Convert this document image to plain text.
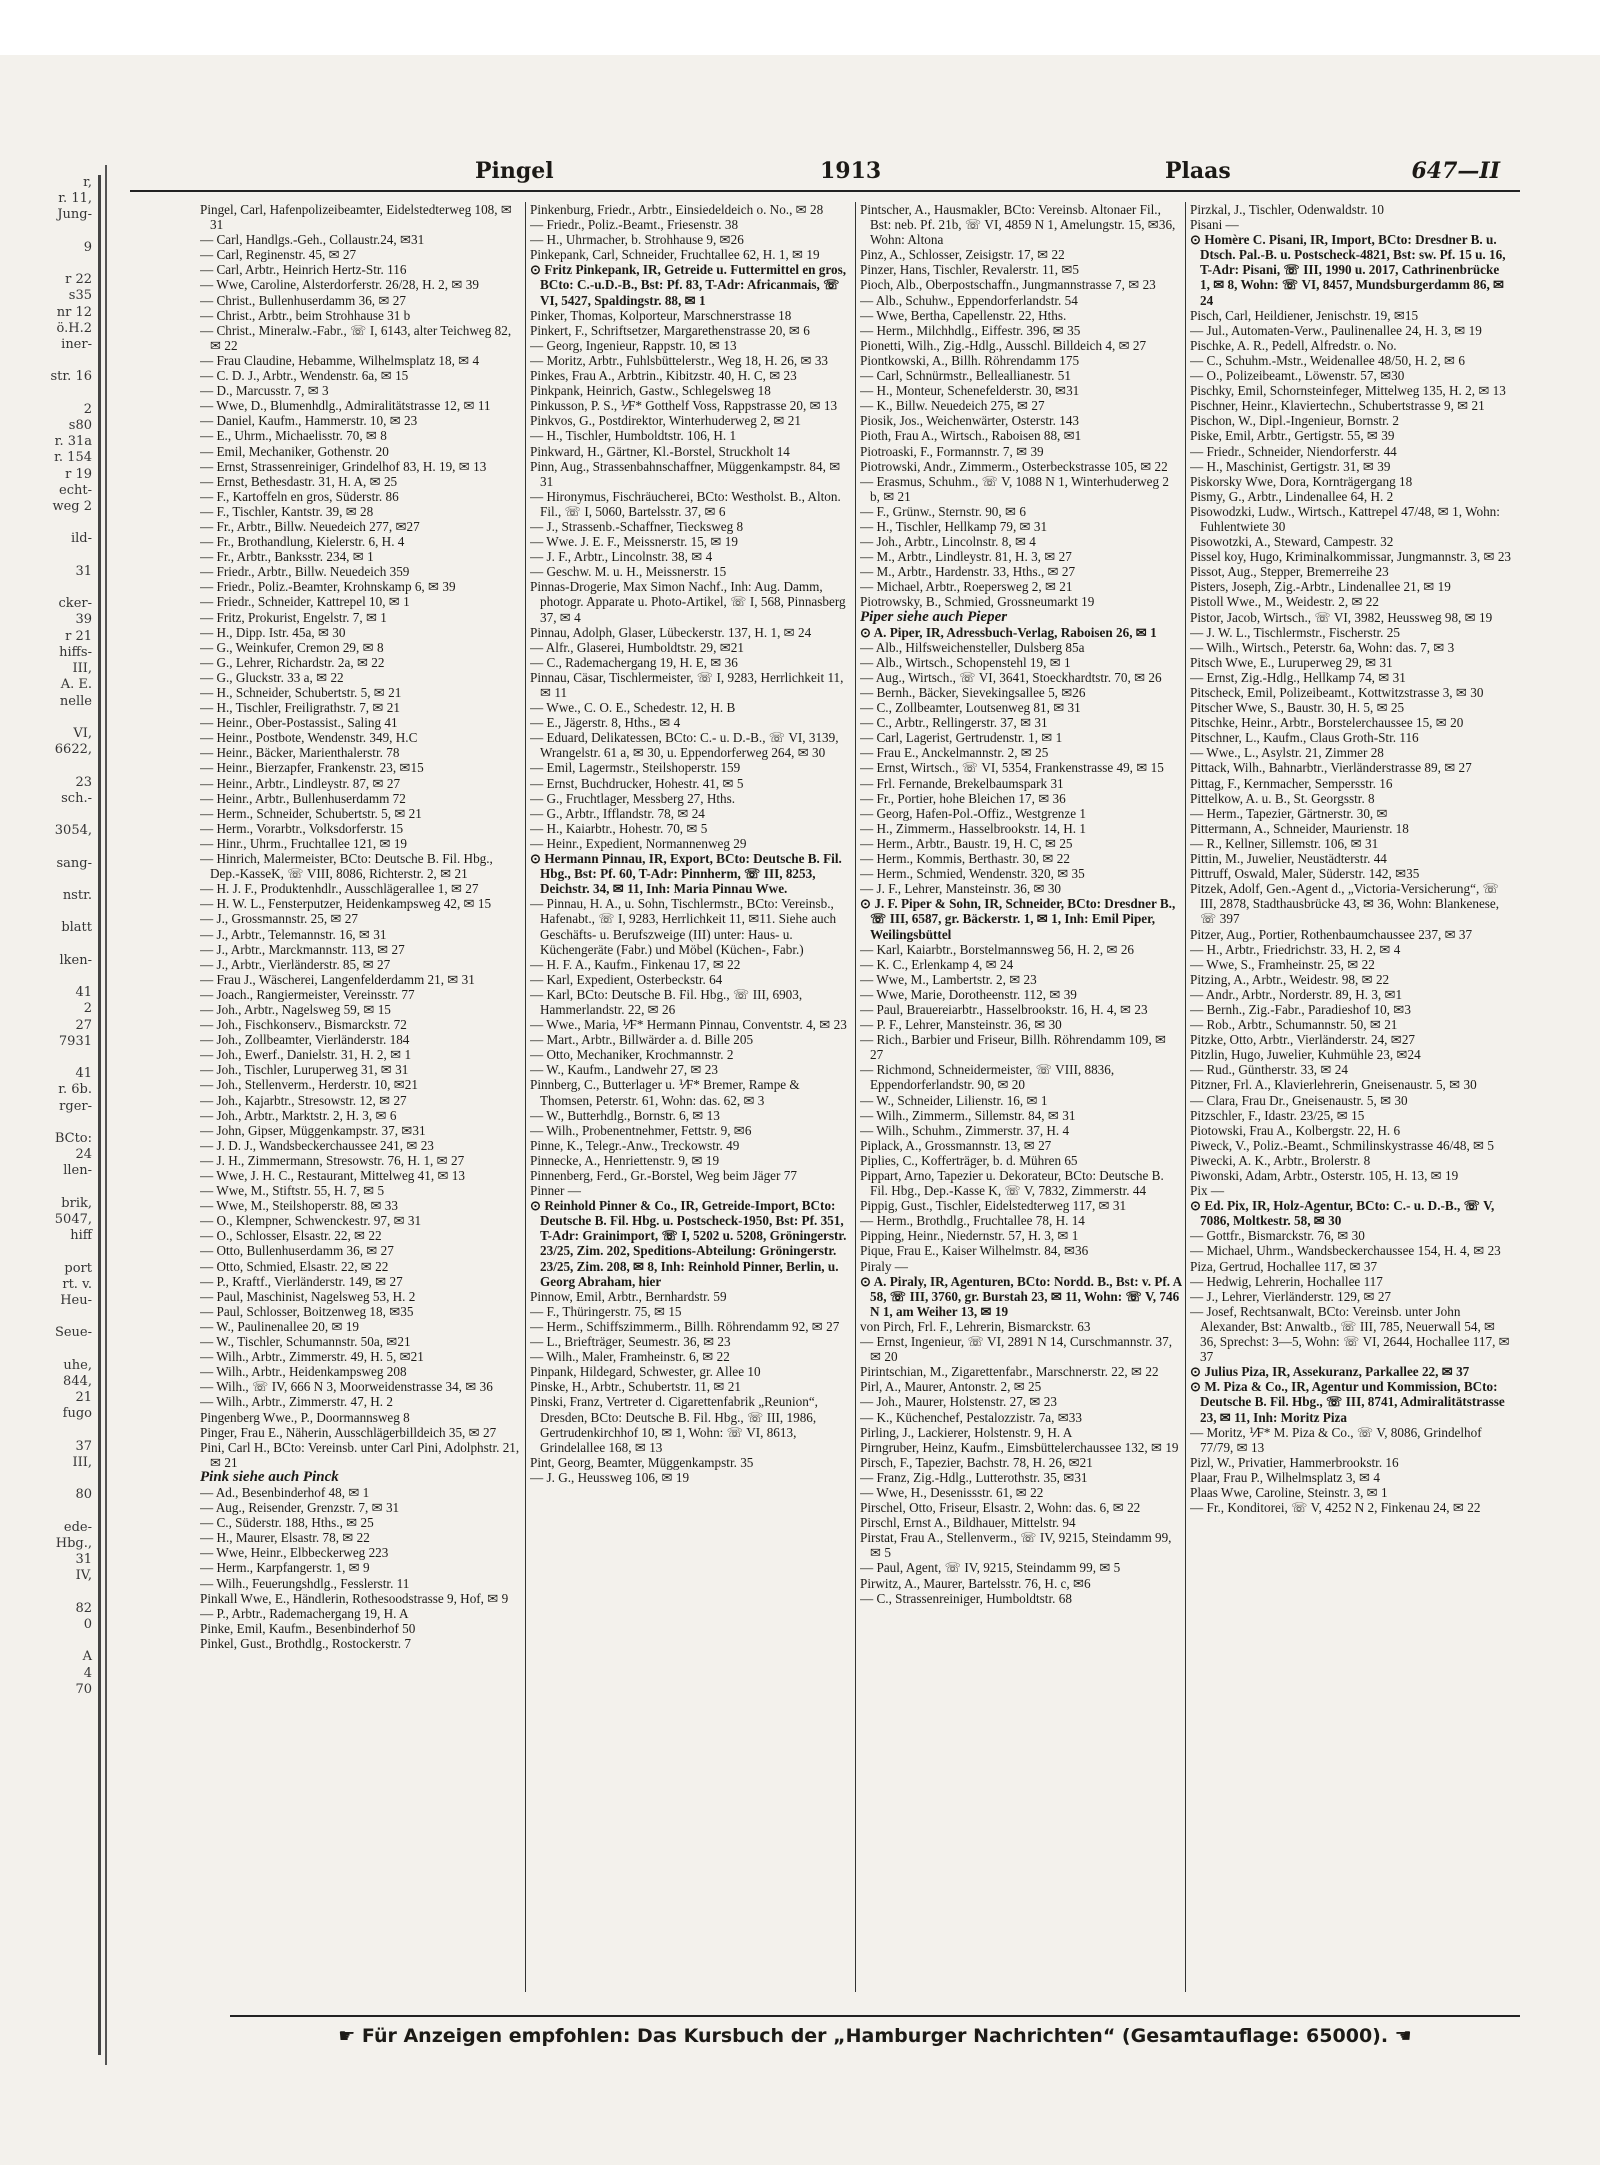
r,
r. 11,
Jung-

9

r 22
s35
nr 12
ö.H.2
iner-

str. 16

2
s80
r. 31a
r. 154
r 19
echt-
weg 2

ild-

31

cker-
39
r 21
hiffs-
III,
A. E.
nelle

VI,
6622,

23
sch.-

3054,

sang-

nstr.

blatt

lken-

41
2
27
7931

41
r. 6b.
rger-

BCto:
24
llen-

brik,
5047,
hiff

port
rt. v.
Heu-

Seue-

uhe,
844,
21
fugo

37
III,

80

ede-
Hbg.,
31
IV,

82
0

A
4
70
Pingel	1913	Plaas	647—II
Pingel, Carl, Hafenpolizeibeamter, Eidelstedterweg 108, ✉ 31
— Carl, Handlgs.-Geh., Collaustr.24, ✉31
— Carl, Reginenstr. 45, ✉ 27
— Carl, Arbtr., Heinrich Hertz-Str. 116
— Wwe, Caroline, Alsterdorferstr. 26/28, H. 2, ✉ 39
— Christ., Bullenhuserdamm 36, ✉ 27
— Christ., Arbtr., beim Strohhause 31 b
— Christ., Mineralw.-Fabr., ☏ I, 6143, alter Teichweg 82, ✉ 22
— Frau Claudine, Hebamme, Wilhelmsplatz 18, ✉ 4
— C. D. J., Arbtr., Wendenstr. 6a, ✉ 15
— D., Marcusstr. 7, ✉ 3
— Wwe, D., Blumenhdlg., Admiralitätstrasse 12, ✉ 11
— Daniel, Kaufm., Hammerstr. 10, ✉ 23
— E., Uhrm., Michaelisstr. 70, ✉ 8
— Emil, Mechaniker, Gothenstr. 20
— Ernst, Strassenreiniger, Grindelhof 83, H. 19, ✉ 13
— Ernst, Bethesdastr. 31, H. A, ✉ 25
— F., Kartoffeln en gros, Süderstr. 86
— F., Tischler, Kantstr. 39, ✉ 28
— Fr., Arbtr., Billw. Neuedeich 277, ✉27
— Fr., Brothandlung, Kielerstr. 6, H. 4
— Fr., Arbtr., Banksstr. 234, ✉ 1
— Friedr., Arbtr., Billw. Neuedeich 359
— Friedr., Poliz.-Beamter, Krohnskamp 6, ✉ 39
— Friedr., Schneider, Kattrepel 10, ✉ 1
— Fritz, Prokurist, Engelstr. 7, ✉ 1
— H., Dipp. Istr. 45a, ✉ 30
— G., Weinkufer, Cremon 29, ✉ 8
— G., Lehrer, Richardstr. 2a, ✉ 22
— G., Gluckstr. 33 a, ✉ 22
— H., Schneider, Schubertstr. 5, ✉ 21
— H., Tischler, Freiligrathstr. 7, ✉ 21
— Heinr., Ober-Postassist., Saling 41
— Heinr., Postbote, Wendenstr. 349, H.C
— Heinr., Bäcker, Marienthalerstr. 78
— Heinr., Bierzapfer, Frankenstr. 23, ✉15
— Heinr., Arbtr., Lindleystr. 87, ✉ 27
— Heinr., Arbtr., Bullenhuserdamm 72
— Herm., Schneider, Schubertstr. 5, ✉ 21
— Herm., Vorarbtr., Volksdorferstr. 15
— Hinr., Uhrm., Fruchtallee 121, ✉ 19
— Hinrich, Malermeister, BCto: Deutsche B. Fil. Hbg., Dep.-KasseK, ☏ VIII, 8086, Richterstr. 2, ✉ 21
— H. J. F., Produktenhdlr., Ausschlägerallee 1, ✉ 27
— H. W. L., Fensterputzer, Heidenkampsweg 42, ✉ 15
— J., Grossmannstr. 25, ✉ 27
— J., Arbtr., Telemannstr. 16, ✉ 31
— J., Arbtr., Marckmannstr. 113, ✉ 27
— J., Arbtr., Vierländerstr. 85, ✉ 27
— Frau J., Wäscherei, Langenfelderdamm 21, ✉ 31
— Joach., Rangiermeister, Vereinsstr. 77
— Joh., Arbtr., Nagelsweg 59, ✉ 15
— Joh., Fischkonserv., Bismarckstr. 72
— Joh., Zollbeamter, Vierländerstr. 184
— Joh., Ewerf., Danielstr. 31, H. 2, ✉ 1
— Joh., Tischler, Luruperweg 31, ✉ 31
— Joh., Stellenverm., Herderstr. 10, ✉21
— Joh., Kajarbtr., Stresowstr. 12, ✉ 27
— Joh., Arbtr., Marktstr. 2, H. 3, ✉ 6
— John, Gipser, Müggenkampstr. 37, ✉31
— J. D. J., Wandsbeckerchaussee 241, ✉ 23
— J. H., Zimmermann, Stresowstr. 76, H. 1, ✉ 27
— Wwe, J. H. C., Restaurant, Mittelweg 41, ✉ 13
— Wwe, M., Stiftstr. 55, H. 7, ✉ 5
— Wwe, M., Steilshoperstr. 88, ✉ 33
— O., Klempner, Schwenckestr. 97, ✉ 31
— O., Schlosser, Elsastr. 22, ✉ 22
— Otto, Bullenhuserdamm 36, ✉ 27
— Otto, Schmied, Elsastr. 22, ✉ 22
— P., Kraftf., Vierländerstr. 149, ✉ 27
— Paul, Maschinist, Nagelsweg 53, H. 2
— Paul, Schlosser, Boitzenweg 18, ✉35
— W., Paulinenallee 20, ✉ 19
— W., Tischler, Schumannstr. 50a, ✉21
— Wilh., Arbtr., Zimmerstr. 49, H. 5, ✉21
— Wilh., Arbtr., Heidenkampsweg 208
— Wilh., ☏ IV, 666 N 3, Moorweidenstrasse 34, ✉ 36
— Wilh., Arbtr., Zimmerstr. 47, H. 2
Pingenberg Wwe., P., Doormannsweg 8
Pinger, Frau E., Näherin, Ausschlägerbilldeich 35, ✉ 27
Pini, Carl H., BCto: Vereinsb. unter Carl Pini, Adolphstr. 21, ✉ 21
Pink siehe auch Pinck
— Ad., Besenbinderhof 48, ✉ 1
— Aug., Reisender, Grenzstr. 7, ✉ 31
— C., Süderstr. 188, Hths., ✉ 25
— H., Maurer, Elsastr. 78, ✉ 22
— Wwe, Heinr., Elbbeckerweg 223
— Herm., Karpfangerstr. 1, ✉ 9
— Wilh., Feuerungshdlg., Fesslerstr. 11
Pinkall Wwe, E., Händlerin, Rothesoodstrasse 9, Hof, ✉ 9
— P., Arbtr., Rademachergang 19, H. A
Pinke, Emil, Kaufm., Besenbinderhof 50
Pinkel, Gust., Brothdlg., Rostockerstr. 7
Pinkenburg, Friedr., Arbtr., Einsiedeldeich o. No., ✉ 28
— Friedr., Poliz.-Beamt., Friesenstr. 38
— H., Uhrmacher, b. Strohhause 9, ✉26
Pinkepank, Carl, Schneider, Fruchtallee 62, H. 1, ✉ 19
⊙ Fritz Pinkepank, IR, Getreide u. Futtermittel en gros, BCto: C.-u.D.-B., Bst: Pf. 83, T-Adr: Africanmais, ☏ VI, 5427, Spaldingstr. 88, ✉ 1
Pinker, Thomas, Kolporteur, Marschnerstrasse 18
Pinkert, F., Schriftsetzer, Margarethenstrasse 20, ✉ 6
— Georg, Ingenieur, Rappstr. 10, ✉ 13
— Moritz, Arbtr., Fuhlsbüttelerstr., Weg 18, H. 26, ✉ 33
Pinkes, Frau A., Arbtrin., Kibitzstr. 40, H. C, ✉ 23
Pinkpank, Heinrich, Gastw., Schlegelsweg 18
Pinkusson, P. S., ⅟F* Gotthelf Voss, Rappstrasse 20, ✉ 13
Pinkvos, G., Postdirektor, Winterhuderweg 2, ✉ 21
— H., Tischler, Humboldtstr. 106, H. 1
Pinkward, H., Gärtner, Kl.-Borstel, Struckholt 14
Pinn, Aug., Strassenbahnschaffner, Müggenkampstr. 84, ✉ 31
— Hironymus, Fischräucherei, BCto: Westholst. B., Alton. Fil., ☏ I, 5060, Bartelsstr. 37, ✉ 6
— J., Strassenb.-Schaffner, Tiecksweg 8
— Wwe. J. E. F., Meissnerstr. 15, ✉ 19
— J. F., Arbtr., Lincolnstr. 38, ✉ 4
— Geschw. M. u. H., Meissnerstr. 15
Pinnas-Drogerie, Max Simon Nachf., Inh: Aug. Damm, photogr. Apparate u. Photo-Artikel, ☏ I, 568, Pinnasberg 37, ✉ 4
Pinnau, Adolph, Glaser, Lübeckerstr. 137, H. 1, ✉ 24
— Alfr., Glaserei, Humboldtstr. 29, ✉21
— C., Rademachergang 19, H. E, ✉ 36
Pinnau, Cäsar, Tischlermeister, ☏ I, 9283, Herrlichkeit 11, ✉ 11
— Wwe., C. O. E., Schedestr. 12, H. B
— E., Jägerstr. 8, Hths., ✉ 4
— Eduard, Delikatessen, BCto: C.- u. D.-B., ☏ VI, 3139, Wrangelstr. 61 a, ✉ 30, u. Eppendorferweg 264, ✉ 30
— Emil, Lagermstr., Steilshoperstr. 159
— Ernst, Buchdrucker, Hohestr. 41, ✉ 5
— G., Fruchtlager, Messberg 27, Hths.
— G., Arbtr., Ifflandstr. 78, ✉ 24
— H., Kaiarbtr., Hohestr. 70, ✉ 5
— Heinr., Expedient, Normannenweg 29
⊙ Hermann Pinnau, IR, Export, BCto: Deutsche B. Fil. Hbg., Bst: Pf. 60, T-Adr: Pinnherm, ☏ III, 8253, Deichstr. 34, ✉ 11, Inh: Maria Pinnau Wwe.
— Pinnau, H. A., u. Sohn, Tischlermstr., BCto: Vereinsb., Hafenabt., ☏ I, 9283, Herrlichkeit 11, ✉11. Siehe auch Geschäfts- u. Berufszweige (III) unter: Haus- u. Küchengeräte (Fabr.) und Möbel (Küchen-, Fabr.)
— H. F. A., Kaufm., Finkenau 17, ✉ 22
— Karl, Expedient, Osterbeckstr. 64
— Karl, BCto: Deutsche B. Fil. Hbg., ☏ III, 6903, Hammerlandstr. 22, ✉ 26
— Wwe., Maria, ⅟F* Hermann Pinnau, Conventstr. 4, ✉ 23
— Mart., Arbtr., Billwärder a. d. Bille 205
— Otto, Mechaniker, Krochmannstr. 2
— W., Kaufm., Landwehr 27, ✉ 23
Pinnberg, C., Butterlager u. ⅟F* Bremer, Rampe & Thomsen, Peterstr. 61, Wohn: das. 62, ✉ 3
— W., Butterhdlg., Bornstr. 6, ✉ 13
— Wilh., Probenentnehmer, Fettstr. 9, ✉6
Pinne, K., Telegr.-Anw., Treckowstr. 49
Pinnecke, A., Henriettenstr. 9, ✉ 19
Pinnenberg, Ferd., Gr.-Borstel, Weg beim Jäger 77
Pinner —
⊙ Reinhold Pinner & Co., IR, Getreide-Import, BCto: Deutsche B. Fil. Hbg. u. Postscheck-1950, Bst: Pf. 351, T-Adr: Grainimport, ☏ I, 5202 u. 5208, Gröningerstr. 23/25, Zim. 202, Speditions-Abteilung: Gröningerstr. 23/25, Zim. 208, ✉ 8, Inh: Reinhold Pinner, Berlin, u. Georg Abraham, hier
Pinnow, Emil, Arbtr., Bernhardstr. 59
— F., Thüringerstr. 75, ✉ 15
— Herm., Schiffszimmerm., Billh. Röhrendamm 92, ✉ 27
— L., Briefträger, Seumestr. 36, ✉ 23
— Wilh., Maler, Framheinstr. 6, ✉ 22
Pinpank, Hildegard, Schwester, gr. Allee 10
Pinske, H., Arbtr., Schubertstr. 11, ✉ 21
Pinski, Franz, Vertreter d. Cigarettenfabrik „Reunion“, Dresden, BCto: Deutsche B. Fil. Hbg., ☏ III, 1986, Gertrudenkirchhof 10, ✉ 1, Wohn: ☏ VI, 8613, Grindelallee 168, ✉ 13
Pint, Georg, Beamter, Müggenkampstr. 35
— J. G., Heussweg 106, ✉ 19
Pintscher, A., Hausmakler, BCto: Vereinsb. Altonaer Fil., Bst: neb. Pf. 21b, ☏ VI, 4859 N 1, Amelungstr. 15, ✉36, Wohn: Altona
Pinz, A., Schlosser, Zeisigstr. 17, ✉ 22
Pinzer, Hans, Tischler, Revalerstr. 11, ✉5
Pioch, Alb., Oberpostschaffn., Jungmannstrasse 7, ✉ 23
— Alb., Schuhw., Eppendorferlandstr. 54
— Wwe, Bertha, Capellenstr. 22, Hths.
— Herm., Milchhdlg., Eiffestr. 396, ✉ 35
Pionetti, Wilh., Zig.-Hdlg., Ausschl. Billdeich 4, ✉ 27
Piontkowski, A., Billh. Röhrendamm 175
— Carl, Schnürmstr., Belleallianestr. 51
— H., Monteur, Schenefelderstr. 30, ✉31
— K., Billw. Neuedeich 275, ✉ 27
Piosik, Jos., Weichenwärter, Osterstr. 143
Pioth, Frau A., Wirtsch., Raboisen 88, ✉1
Piotroaski, F., Formannstr. 7, ✉ 39
Piotrowski, Andr., Zimmerm., Osterbeckstrasse 105, ✉ 22
— Erasmus, Schuhm., ☏ V, 1088 N 1, Winterhuderweg 2 b, ✉ 21
— F., Grünw., Sternstr. 90, ✉ 6
— H., Tischler, Hellkamp 79, ✉ 31
— Joh., Arbtr., Lincolnstr. 8, ✉ 4
— M., Arbtr., Lindleystr. 81, H. 3, ✉ 27
— M., Arbtr., Hardenstr. 33, Hths., ✉ 27
— Michael, Arbtr., Roepersweg 2, ✉ 21
Piotrowsky, B., Schmied, Grossneumarkt 19
Piper siehe auch Pieper
⊙ A. Piper, IR, Adressbuch-Verlag, Raboisen 26, ✉ 1
— Alb., Hilfsweichensteller, Dulsberg 85a
— Alb., Wirtsch., Schopenstehl 19, ✉ 1
— Aug., Wirtsch., ☏ VI, 3641, Stoeckhardtstr. 70, ✉ 26
— Bernh., Bäcker, Sievekingsallee 5, ✉26
— C., Zollbeamter, Loutsenweg 81, ✉ 31
— C., Arbtr., Rellingerstr. 37, ✉ 31
— Carl, Lagerist, Gertrudenstr. 1, ✉ 1
— Frau E., Anckelmannstr. 2, ✉ 25
— Ernst, Wirtsch., ☏ VI, 5354, Frankenstrasse 49, ✉ 15
— Frl. Fernande, Brekelbaumspark 31
— Fr., Portier, hohe Bleichen 17, ✉ 36
— Georg, Hafen-Pol.-Offiz., Westgrenze 1
— H., Zimmerm., Hasselbrookstr. 14, H. 1
— Herm., Arbtr., Baustr. 19, H. C, ✉ 25
— Herm., Kommis, Berthastr. 30, ✉ 22
— Herm., Schmied, Wendenstr. 320, ✉ 35
— J. F., Lehrer, Mansteinstr. 36, ✉ 30
⊙ J. F. Piper & Sohn, IR, Schneider, BCto: Dresdner B., ☏ III, 6587, gr. Bäckerstr. 1, ✉ 1, Inh: Emil Piper, Weilingsbüttel
— Karl, Kaiarbtr., Borstelmannsweg 56, H. 2, ✉ 26
— K. C., Erlenkamp 4, ✉ 24
— Wwe, M., Lambertstr. 2, ✉ 23
— Wwe, Marie, Dorotheenstr. 112, ✉ 39
— Paul, Brauereiarbtr., Hasselbrookstr. 16, H. 4, ✉ 23
— P. F., Lehrer, Mansteinstr. 36, ✉ 30
— Rich., Barbier und Friseur, Billh. Röhrendamm 109, ✉ 27
— Richmond, Schneidermeister, ☏ VIII, 8836, Eppendorferlandstr. 90, ✉ 20
— W., Schneider, Lilienstr. 16, ✉ 1
— Wilh., Zimmerm., Sillemstr. 84, ✉ 31
— Wilh., Schuhm., Zimmerstr. 37, H. 4
Piplack, A., Grossmannstr. 13, ✉ 27
Piplies, C., Kofferträger, b. d. Mühren 65
Pippart, Arno, Tapezier u. Dekorateur, BCto: Deutsche B. Fil. Hbg., Dep.-Kasse K, ☏ V, 7832, Zimmerstr. 44
Pippig, Gust., Tischler, Eidelstedterweg 117, ✉ 31
— Herm., Brothdlg., Fruchtallee 78, H. 14
Pipping, Heinr., Niedernstr. 57, H. 3, ✉ 1
Pique, Frau E., Kaiser Wilhelmstr. 84, ✉36
Piraly —
⊙ A. Piraly, IR, Agenturen, BCto: Nordd. B., Bst: v. Pf. A 58, ☏ III, 3760, gr. Burstah 23, ✉ 11, Wohn: ☏ V, 746 N 1, am Weiher 13, ✉ 19
von Pirch, Frl. F., Lehrerin, Bismarckstr. 63
— Ernst, Ingenieur, ☏ VI, 2891 N 14, Curschmannstr. 37, ✉ 20
Pirintschian, M., Zigarettenfabr., Marschnerstr. 22, ✉ 22
Pirl, A., Maurer, Antonstr. 2, ✉ 25
— Joh., Maurer, Holstenstr. 27, ✉ 23
— K., Küchenchef, Pestalozzistr. 7a, ✉33
Pirling, J., Lackierer, Holstenstr. 9, H. A
Pirngruber, Heinz, Kaufm., Eimsbüttelerchaussee 132, ✉ 19
Pirsch, F., Tapezier, Bachstr. 78, H. 26, ✉21
— Franz, Zig.-Hdlg., Lutterothstr. 35, ✉31
— Wwe, H., Desenissstr. 61, ✉ 22
Pirschel, Otto, Friseur, Elsastr. 2, Wohn: das. 6, ✉ 22
Pirschl, Ernst A., Bildhauer, Mittelstr. 94
Pirstat, Frau A., Stellenverm., ☏ IV, 9215, Steindamm 99, ✉ 5
— Paul, Agent, ☏ IV, 9215, Steindamm 99, ✉ 5
Pirwitz, A., Maurer, Bartelsstr. 76, H. c, ✉6
— C., Strassenreiniger, Humboldtstr. 68
Pirzkal, J., Tischler, Odenwaldstr. 10
Pisani —
⊙ Homère C. Pisani, IR, Import, BCto: Dresdner B. u. Dtsch. Pal.-B. u. Postscheck-4821, Bst: sw. Pf. 15 u. 16, T-Adr: Pisani, ☏ III, 1990 u. 2017, Cathrinenbrücke 1, ✉ 8, Wohn: ☏ VI, 8457, Mundsburgerdamm 86, ✉ 24
Pisch, Carl, Heildiener, Jenischstr. 19, ✉15
— Jul., Automaten-Verw., Paulinenallee 24, H. 3, ✉ 19
Pischke, A. R., Pedell, Alfredstr. o. No.
— C., Schuhm.-Mstr., Weidenallee 48/50, H. 2, ✉ 6
— O., Polizeibeamt., Löwenstr. 57, ✉30
Pischky, Emil, Schornsteinfeger, Mittelweg 135, H. 2, ✉ 13
Pischner, Heinr., Klaviertechn., Schubertstrasse 9, ✉ 21
Pischon, W., Dipl.-Ingenieur, Bornstr. 2
Piske, Emil, Arbtr., Gertigstr. 55, ✉ 39
— Friedr., Schneider, Niendorferstr. 44
— H., Maschinist, Gertigstr. 31, ✉ 39
Piskorsky Wwe, Dora, Kornträgergang 18
Pismy, G., Arbtr., Lindenallee 64, H. 2
Pisowodzki, Ludw., Wirtsch., Kattrepel 47/48, ✉ 1, Wohn: Fuhlentwiete 30
Pisowotzki, A., Steward, Campestr. 32
Pissel koy, Hugo, Kriminalkommissar, Jungmannstr. 3, ✉ 23
Pissot, Aug., Stepper, Bremerreihe 23
Pisters, Joseph, Zig.-Arbtr., Lindenallee 21, ✉ 19
Pistoll Wwe., M., Weidestr. 2, ✉ 22
Pistor, Jacob, Wirtsch., ☏ VI, 3982, Heussweg 98, ✉ 19
— J. W. L., Tischlermstr., Fischerstr. 25
— Wilh., Wirtsch., Peterstr. 6a, Wohn: das. 7, ✉ 3
Pitsch Wwe, E., Luruperweg 29, ✉ 31
— Ernst, Zig.-Hdlg., Hellkamp 74, ✉ 31
Pitscheck, Emil, Polizeibeamt., Kottwitzstrasse 3, ✉ 30
Pitscher Wwe, S., Baustr. 30, H. 5, ✉ 25
Pitschke, Heinr., Arbtr., Borstelerchaussee 15, ✉ 20
Pitschner, L., Kaufm., Claus Groth-Str. 116
— Wwe., L., Asylstr. 21, Zimmer 28
Pittack, Wilh., Bahnarbtr., Vierländerstrasse 89, ✉ 27
Pittag, F., Kernmacher, Sempersstr. 16
Pittelkow, A. u. B., St. Georgsstr. 8
— Herm., Tapezier, Gärtnerstr. 30, ✉
Pittermann, A., Schneider, Maurienstr. 18
— R., Kellner, Sillemstr. 106, ✉ 31
Pittin, M., Juwelier, Neustädterstr. 44
Pittruff, Oswald, Maler, Süderstr. 142, ✉35
Pitzek, Adolf, Gen.-Agent d., „Victoria-Versicherung“, ☏ III, 2878, Stadthausbrücke 43, ✉ 36, Wohn: Blankenese, ☏ 397
Pitzer, Aug., Portier, Rothenbaumchaussee 237, ✉ 37
— H., Arbtr., Friedrichstr. 33, H. 2, ✉ 4
— Wwe, S., Framheinstr. 25, ✉ 22
Pitzing, A., Arbtr., Weidestr. 98, ✉ 22
— Andr., Arbtr., Norderstr. 89, H. 3, ✉1
— Bernh., Zig.-Fabr., Paradieshof 10, ✉3
— Rob., Arbtr., Schumannstr. 50, ✉ 21
Pitzke, Otto, Arbtr., Vierländerstr. 24, ✉27
Pitzlin, Hugo, Juwelier, Kuhmühle 23, ✉24
— Rud., Güntherstr. 33, ✉ 24
Pitzner, Frl. A., Klavierlehrerin, Gneisenaustr. 5, ✉ 30
— Clara, Frau Dr., Gneisenaustr. 5, ✉ 30
Pitzschler, F., Idastr. 23/25, ✉ 15
Piotowski, Frau A., Kolbergstr. 22, H. 6
Piweck, V., Poliz.-Beamt., Schmilinskystrasse 46/48, ✉ 5
Piwecki, A. K., Arbtr., Brolerstr. 8
Piwonski, Adam, Arbtr., Osterstr. 105, H. 13, ✉ 19
Pix —
⊙ Ed. Pix, IR, Holz-Agentur, BCto: C.- u. D.-B., ☏ V, 7086, Moltkestr. 58, ✉ 30
— Gottfr., Bismarckstr. 76, ✉ 30
— Michael, Uhrm., Wandsbeckerchaussee 154, H. 4, ✉ 23
Piza, Gertrud, Hochallee 117, ✉ 37
— Hedwig, Lehrerin, Hochallee 117
— J., Lehrer, Vierländerstr. 129, ✉ 27
— Josef, Rechtsanwalt, BCto: Vereinsb. unter John Alexander, Bst: Anwaltb., ☏ III, 785, Neuerwall 54, ✉ 36, Sprechst: 3—5, Wohn: ☏ VI, 2644, Hochallee 117, ✉ 37
⊙ Julius Piza, IR, Assekuranz, Parkallee 22, ✉ 37
⊙ M. Piza & Co., IR, Agentur und Kommission, BCto: Deutsche B. Fil. Hbg., ☏ III, 8741, Admiralitätstrasse 23, ✉ 11, Inh: Moritz Piza
— Moritz, ⅟F* M. Piza & Co., ☏ V, 8086, Grindelhof 77/79, ✉ 13
Pizl, W., Privatier, Hammerbrookstr. 16
Plaar, Frau P., Wilhelmsplatz 3, ✉ 4
Plaas Wwe, Caroline, Steinstr. 3, ✉ 1
— Fr., Konditorei, ☏ V, 4252 N 2, Finkenau 24, ✉ 22
☛ Für Anzeigen empfohlen: Das Kursbuch der „Hamburger Nachrichten“ (Gesamtauflage: 65000). ☚
